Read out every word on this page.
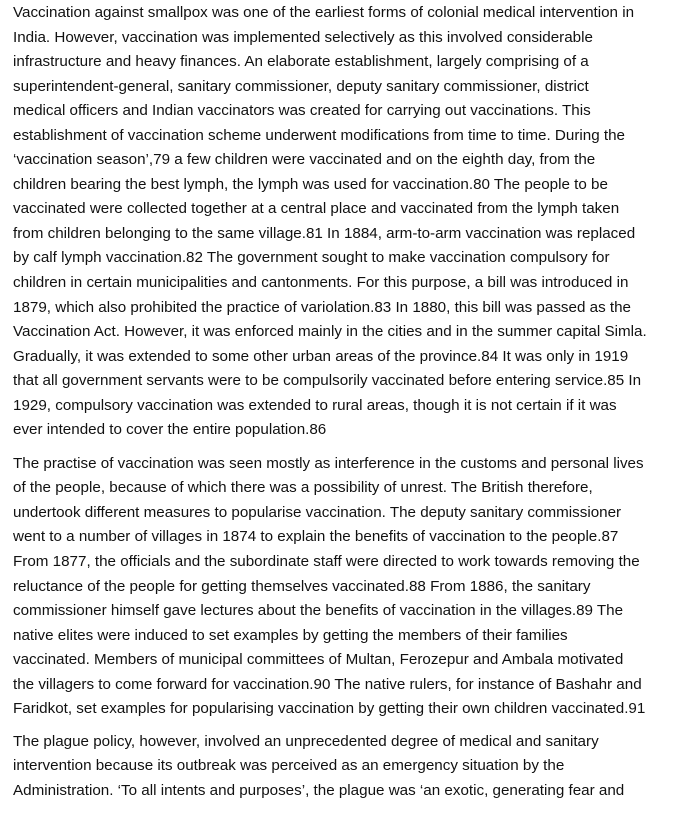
Vaccination against smallpox was one of the earliest forms of colonial medical intervention in
India. However, vaccination was implemented selectively as this involved considerable
infrastructure and heavy finances. An elaborate establishment, largely comprising of a
superintendent-general, sanitary commissioner, deputy sanitary commissioner, district
medical officers and Indian vaccinators was created for carrying out vaccinations. This
establishment of vaccination scheme underwent modifications from time to time. During the
‘vaccination season’,79 a few children were vaccinated and on the eighth day, from the
children bearing the best lymph, the lymph was used for vaccination.80 The people to be
vaccinated were collected together at a central place and vaccinated from the lymph taken
from children belonging to the same village.81 In 1884, arm-to-arm vaccination was replaced
by calf lymph vaccination.82 The government sought to make vaccination compulsory for
children in certain municipalities and cantonments. For this purpose, a bill was introduced in
1879, which also prohibited the practice of variolation.83 In 1880, this bill was passed as the
Vaccination Act. However, it was enforced mainly in the cities and in the summer capital Simla.
Gradually, it was extended to some other urban areas of the province.84 It was only in 1919
that all government servants were to be compulsorily vaccinated before entering service.85 In
1929, compulsory vaccination was extended to rural areas, though it is not certain if it was
ever intended to cover the entire population.86

The practise of vaccination was seen mostly as interference in the customs and personal lives
of the people, because of which there was a possibility of unrest. The British therefore,
undertook different measures to popularise vaccination. The deputy sanitary commissioner
went to a number of villages in 1874 to explain the benefits of vaccination to the people.87
From 1877, the officials and the subordinate staff were directed to work towards removing the
reluctance of the people for getting themselves vaccinated.88 From 1886, the sanitary
commissioner himself gave lectures about the benefits of vaccination in the villages.89 The
native elites were induced to set examples by getting the members of their families
vaccinated. Members of municipal committees of Multan, Ferozepur and Ambala motivated
the villagers to come forward for vaccination.90 The native rulers, for instance of Bashahr and
Faridkot, set examples for popularising vaccination by getting their own children vaccinated.91

The plague policy, however, involved an unprecedented degree of medical and sanitary
intervention because its outbreak was perceived as an emergency situation by the
Administration. ‘To all intents and purposes’, the plague was ‘an exotic, generating fear and
